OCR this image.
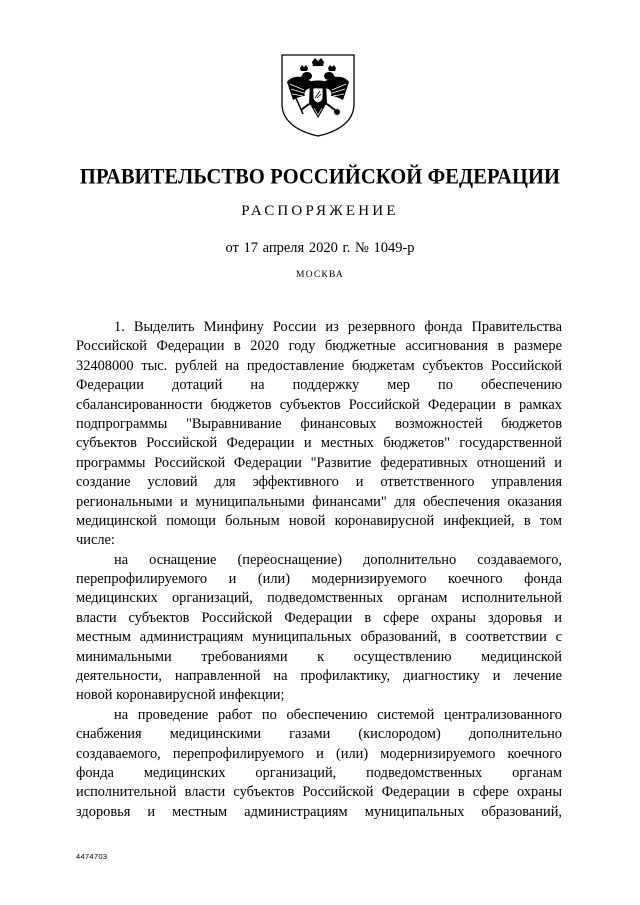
ПРАВИТЕЛЬСТВО РОССИЙСКОЙ ФЕДЕРАЦИИ
РАСПОРЯЖЕНИЕ
от 17 апреля 2020 г. № 1049-р
МОСКВА
1. Выделить Минфину России из резервного фонда Правительства
Российской Федерации в 2020 году бюджетные ассигнования в размере
32408000 тыс. рублей на предоставление бюджетам субъектов Российской
Федерации дотаций на поддержку мер по обеспечению
сбалансированности бюджетов субъектов Российской Федерации в рамках
подпрограммы "Выравнивание финансовых возможностей бюджетов
субъектов Российской Федерации и местных бюджетов" государственной
программы Российской Федерации "Развитие федеративных отношений и
создание условий для эффективного и ответственного управления
региональными и муниципальными финансами" для обеспечения оказания
медицинской помощи больным новой коронавирусной инфекцией, в том
числе:
на оснащение (переоснащение) дополнительно создаваемого,
перепрофилируемого и (или) модернизируемого коечного фонда
медицинских организаций, подведомственных органам исполнительной
власти субъектов Российской Федерации в сфере охраны здоровья и
местным администрациям муниципальных образований, в соответствии с
минимальными требованиями к осуществлению медицинской
деятельности, направленной на профилактику, диагностику и лечение
новой коронавирусной инфекции;
на проведение работ по обеспечению системой централизованного
снабжения медицинскими газами (кислородом) дополнительно
создаваемого, перепрофилируемого и (или) модернизируемого коечного
фонда медицинских организаций, подведомственных органам
исполнительной власти субъектов Российской Федерации в сфере охраны
здоровья и местным администрациям муниципальных образований,
4474703
